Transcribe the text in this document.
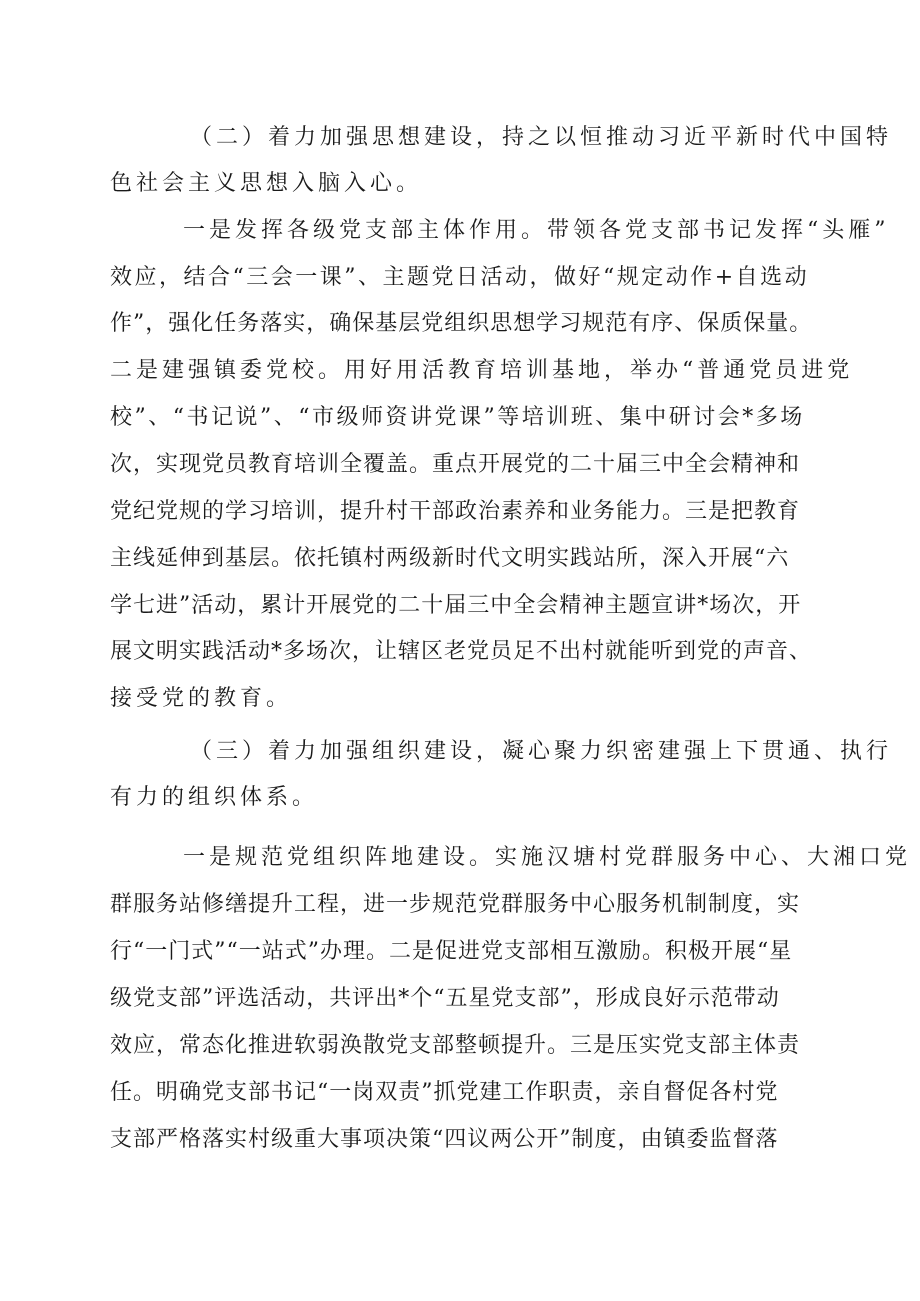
（二）着力加强思想建设，持之以恒推动习近平新时代中国特
色社会主义思想入脑入心。
一是发挥各级党支部主体作用。带领各党支部书记发挥“头雁”
效应，结合“三会一课”、主题党日活动，做好“规定动作+自选动
作”，强化任务落实，确保基层党组织思想学习规范有序、保质保量。
二是建强镇委党校。用好用活教育培训基地，举办“普通党员进党
校”、“书记说”、“市级师资讲党课”等培训班、集中研讨会*多场
次，实现党员教育培训全覆盖。重点开展党的二十届三中全会精神和
党纪党规的学习培训，提升村干部政治素养和业务能力。三是把教育
主线延伸到基层。依托镇村两级新时代文明实践站所，深入开展“六
学七进”活动，累计开展党的二十届三中全会精神主题宣讲*场次，开
展文明实践活动*多场次，让辖区老党员足不出村就能听到党的声音、
接受党的教育。
（三）着力加强组织建设，凝心聚力织密建强上下贯通、执行
有力的组织体系。
一是规范党组织阵地建设。实施汉塘村党群服务中心、大湘口党
群服务站修缮提升工程，进一步规范党群服务中心服务机制制度，实
行“一门式”“一站式”办理。二是促进党支部相互激励。积极开展“星
级党支部”评选活动，共评出*个“五星党支部”，形成良好示范带动
效应，常态化推进软弱涣散党支部整顿提升。三是压实党支部主体责
任。明确党支部书记“一岗双责”抓党建工作职责，亲自督促各村党
支部严格落实村级重大事项决策“四议两公开”制度，由镇委监督落
